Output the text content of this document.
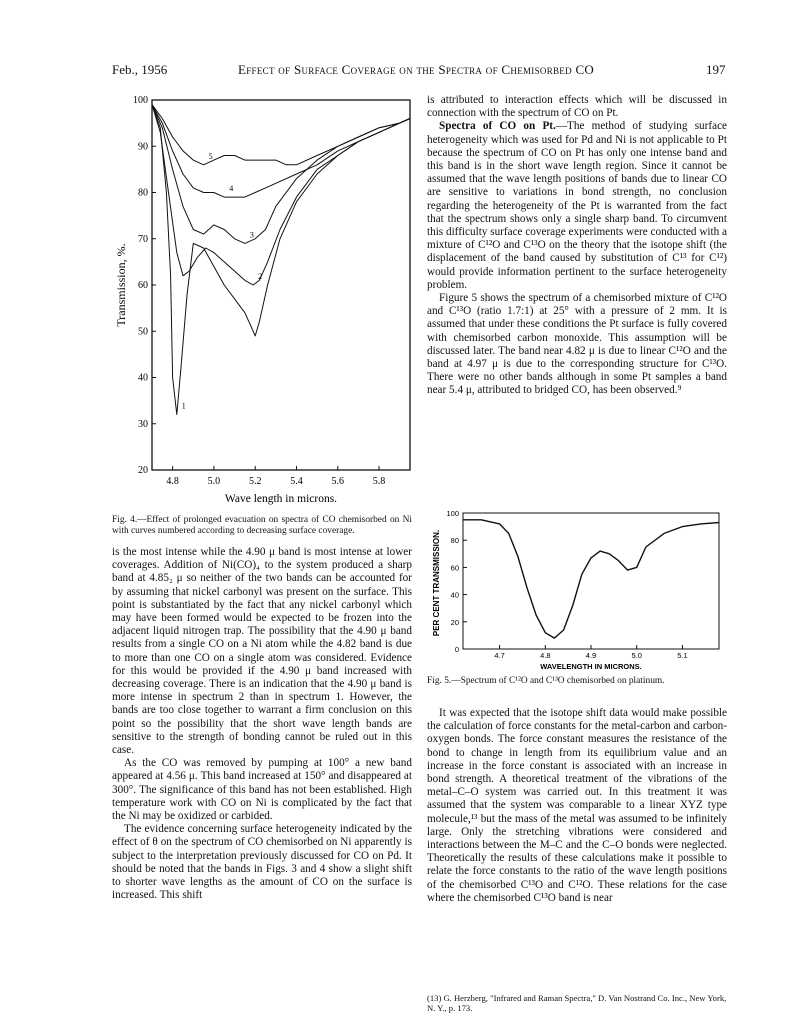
Feb., 1956	Effect of Surface Coverage on the Spectra of Chemisorbed CO	197
20
30
40
50
60
70
80
90
100
4.8	5.0	5.2	5.4	5.6	5.8
1
2
3
4
5
Transmission, %.
Wave length in microns.
Fig. 4.—Effect of prolonged evacuation on spectra of CO chemisorbed on Ni with curves numbered according to decreasing surface coverage.

is the most intense while the 4.90 μ band is most intense at lower coverages. Addition of Ni(CO)₄ to the system produced a sharp band at 4.85₂ μ so neither of the two bands can be accounted for by assuming that nickel carbonyl was present on the surface. This point is substantiated by the fact that any nickel carbonyl which may have been formed would be expected to be frozen into the adjacent liquid nitrogen trap. The possibility that the 4.90 μ band results from a single CO on a Ni atom while the 4.82 band is due to more than one CO on a single atom was considered. Evidence for this would be provided if the 4.90 μ band increased with decreasing coverage. There is an indication that the 4.90 μ band is more intense in spectrum 2 than in spectrum 1. However, the bands are too close together to warrant a firm conclusion on this point so the possibility that the short wave length bands are sensitive to the strength of bonding cannot be ruled out in this case.

As the CO was removed by pumping at 100° a new band appeared at 4.56 μ. This band increased at 150° and disappeared at 300°. The significance of this band has not been established. High temperature work with CO on Ni is complicated by the fact that the Ni may be oxidized or carbided.

The evidence concerning surface heterogeneity indicated by the effect of θ on the spectrum of CO chemisorbed on Ni apparently is subject to the interpretation previously discussed for CO on Pd. It should be noted that the bands in Figs. 3 and 4 show a slight shift to shorter wave lengths as the amount of CO on the surface is increased. This shift

is attributed to interaction effects which will be discussed in connection with the spectrum of CO on Pt.

Spectra of CO on Pt.—The method of studying surface heterogeneity which was used for Pd and Ni is not applicable to Pt because the spectrum of CO on Pt has only one intense band and this band is in the short wave length region. Since it cannot be assumed that the wave length positions of bands due to linear CO are sensitive to variations in bond strength, no conclusion regarding the heterogeneity of the Pt is warranted from the fact that the spectrum shows only a single sharp band. To circumvent this difficulty surface coverage experiments were conducted with a mixture of C¹²O and C¹³O on the theory that the isotope shift (the displacement of the band caused by substitution of C¹³ for C¹²) would provide information pertinent to the surface heterogeneity problem.

Figure 5 shows the spectrum of a chemisorbed mixture of C¹²O and C¹³O (ratio 1.7:1) at 25° with a pressure of 2 mm. It is assumed that under these conditions the Pt surface is fully covered with chemisorbed carbon monoxide. This assumption will be discussed later. The band near 4.82 μ is due to linear C¹²O and the band at 4.97 μ is due to the corresponding structure for C¹³O. There were no other bands although in some Pt samples a band near 5.4 μ, attributed to bridged CO, has been observed.⁹

0
20
40
60
80
100
4.7	4.8	4.9	5.0	5.1
PER CENT TRANSMISSION.
WAVELENGTH IN MICRONS.
Fig. 5.—Spectrum of C¹²O and C¹³O chemisorbed on platinum.

It was expected that the isotope shift data would make possible the calculation of force constants for the metal-carbon and carbon-oxygen bonds. The force constant measures the resistance of the bond to change in length from its equilibrium value and an increase in the force constant is associated with an increase in bond strength. A theoretical treatment of the vibrations of the metal–C–O system was carried out. In this treatment it was assumed that the system was comparable to a linear XYZ type molecule,¹³ but the mass of the metal was assumed to be infinitely large. Only the stretching vibrations were considered and interactions between the M–C and the C–O bonds were neglected. Theoretically the results of these calculations make it possible to relate the force constants to the ratio of the wave length positions of the chemisorbed C¹³O and C¹²O. These relations for the case where the chemisorbed C¹³O band is near

(13) G. Herzberg, "Infrared and Raman Spectra," D. Van Nostrand Co. Inc., New York, N. Y., p. 173.
